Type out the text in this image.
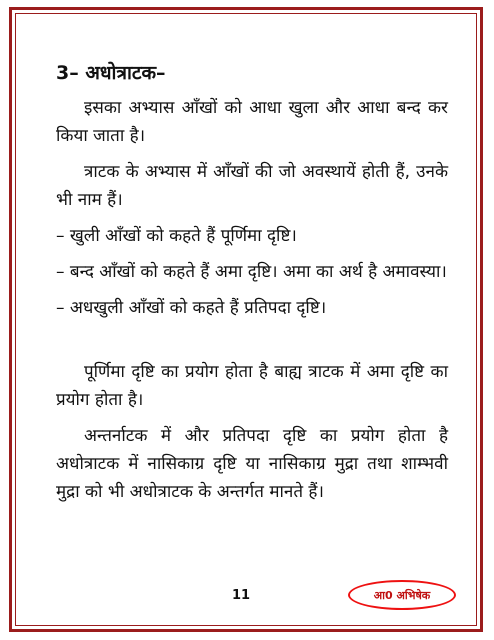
3– अधोत्राटक–

इसका अभ्यास आँखों को आधा खुला और आधा बन्द कर किया जाता है।

त्राटक के अभ्यास में आँखों की जो अवस्थायें होती हैं, उनके भी नाम हैं।

– खुली आँखों को कहते हैं पूर्णिमा दृष्टि।

– बन्द आँखों को कहते हैं अमा दृष्टि। अमा का अर्थ है अमावस्या।

– अधखुली आँखों को कहते हैं प्रतिपदा दृष्टि।

पूर्णिमा दृष्टि का प्रयोग होता है बाह्य त्राटक में अमा दृष्टि का प्रयोग होता है।

अन्तर्नाटक में और प्रतिपदा दृष्टि का प्रयोग होता है अधोत्राटक में नासिकाग्र दृष्टि या नासिकाग्र मुद्रा तथा शाम्भवी मुद्रा को भी अधोत्राटक के अन्तर्गत मानते हैं।

11	आ0 अभिषेक
